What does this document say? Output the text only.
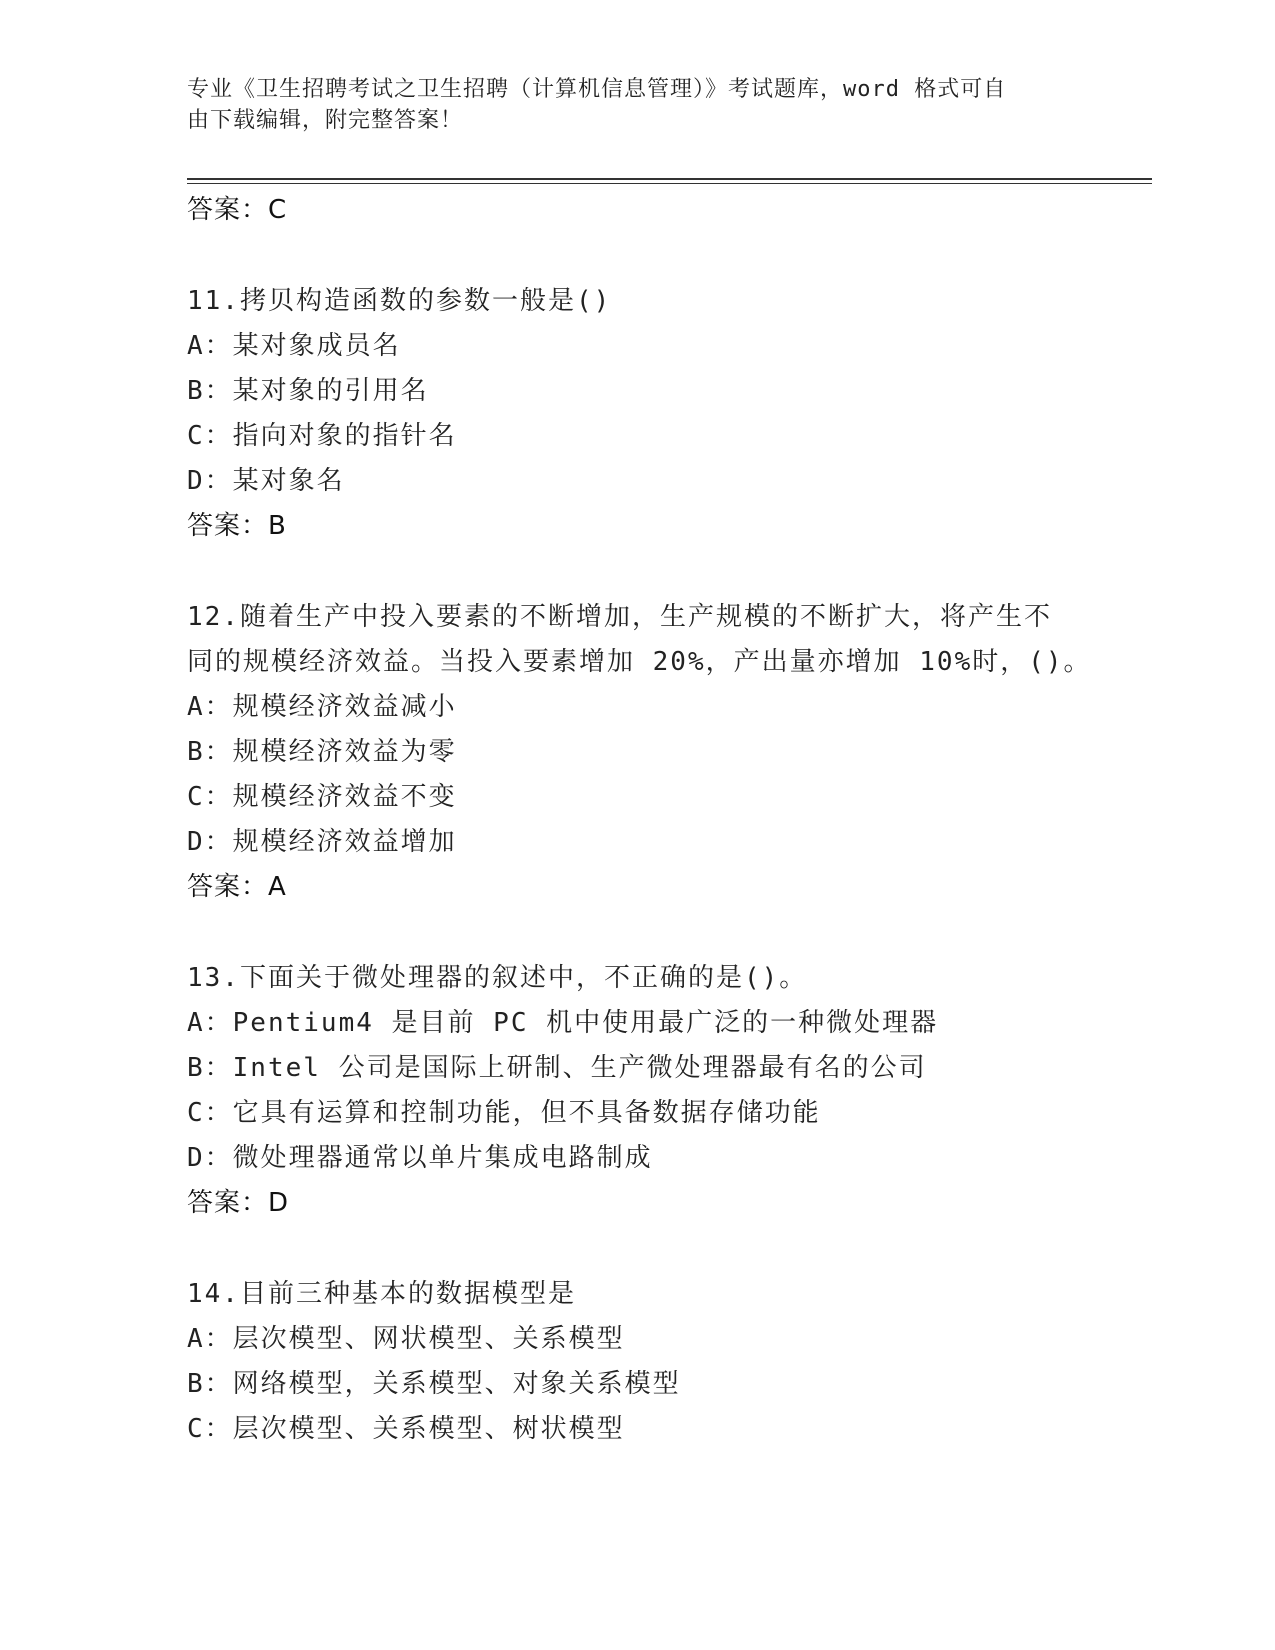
专业《卫生招聘考试之卫生招聘（计算机信息管理）》考试题库，word 格式可自
由下载编辑，附完整答案！
答案：C
11.拷贝构造函数的参数一般是()
A：某对象成员名
B：某对象的引用名
C：指向对象的指针名
D：某对象名
答案：B
12.随着生产中投入要素的不断增加，生产规模的不断扩大，将产生不
同的规模经济效益。当投入要素增加 20%，产出量亦增加 10%时，()。
A：规模经济效益减小
B：规模经济效益为零
C：规模经济效益不变
D：规模经济效益增加
答案：A
13.下面关于微处理器的叙述中，不正确的是()。
A：Pentium4 是目前 PC 机中使用最广泛的一种微处理器
B：Intel 公司是国际上研制、生产微处理器最有名的公司
C：它具有运算和控制功能，但不具备数据存储功能
D：微处理器通常以单片集成电路制成
答案：D
14.目前三种基本的数据模型是
A：层次模型、网状模型、关系模型
B：网络模型，关系模型、对象关系模型
C：层次模型、关系模型、树状模型
